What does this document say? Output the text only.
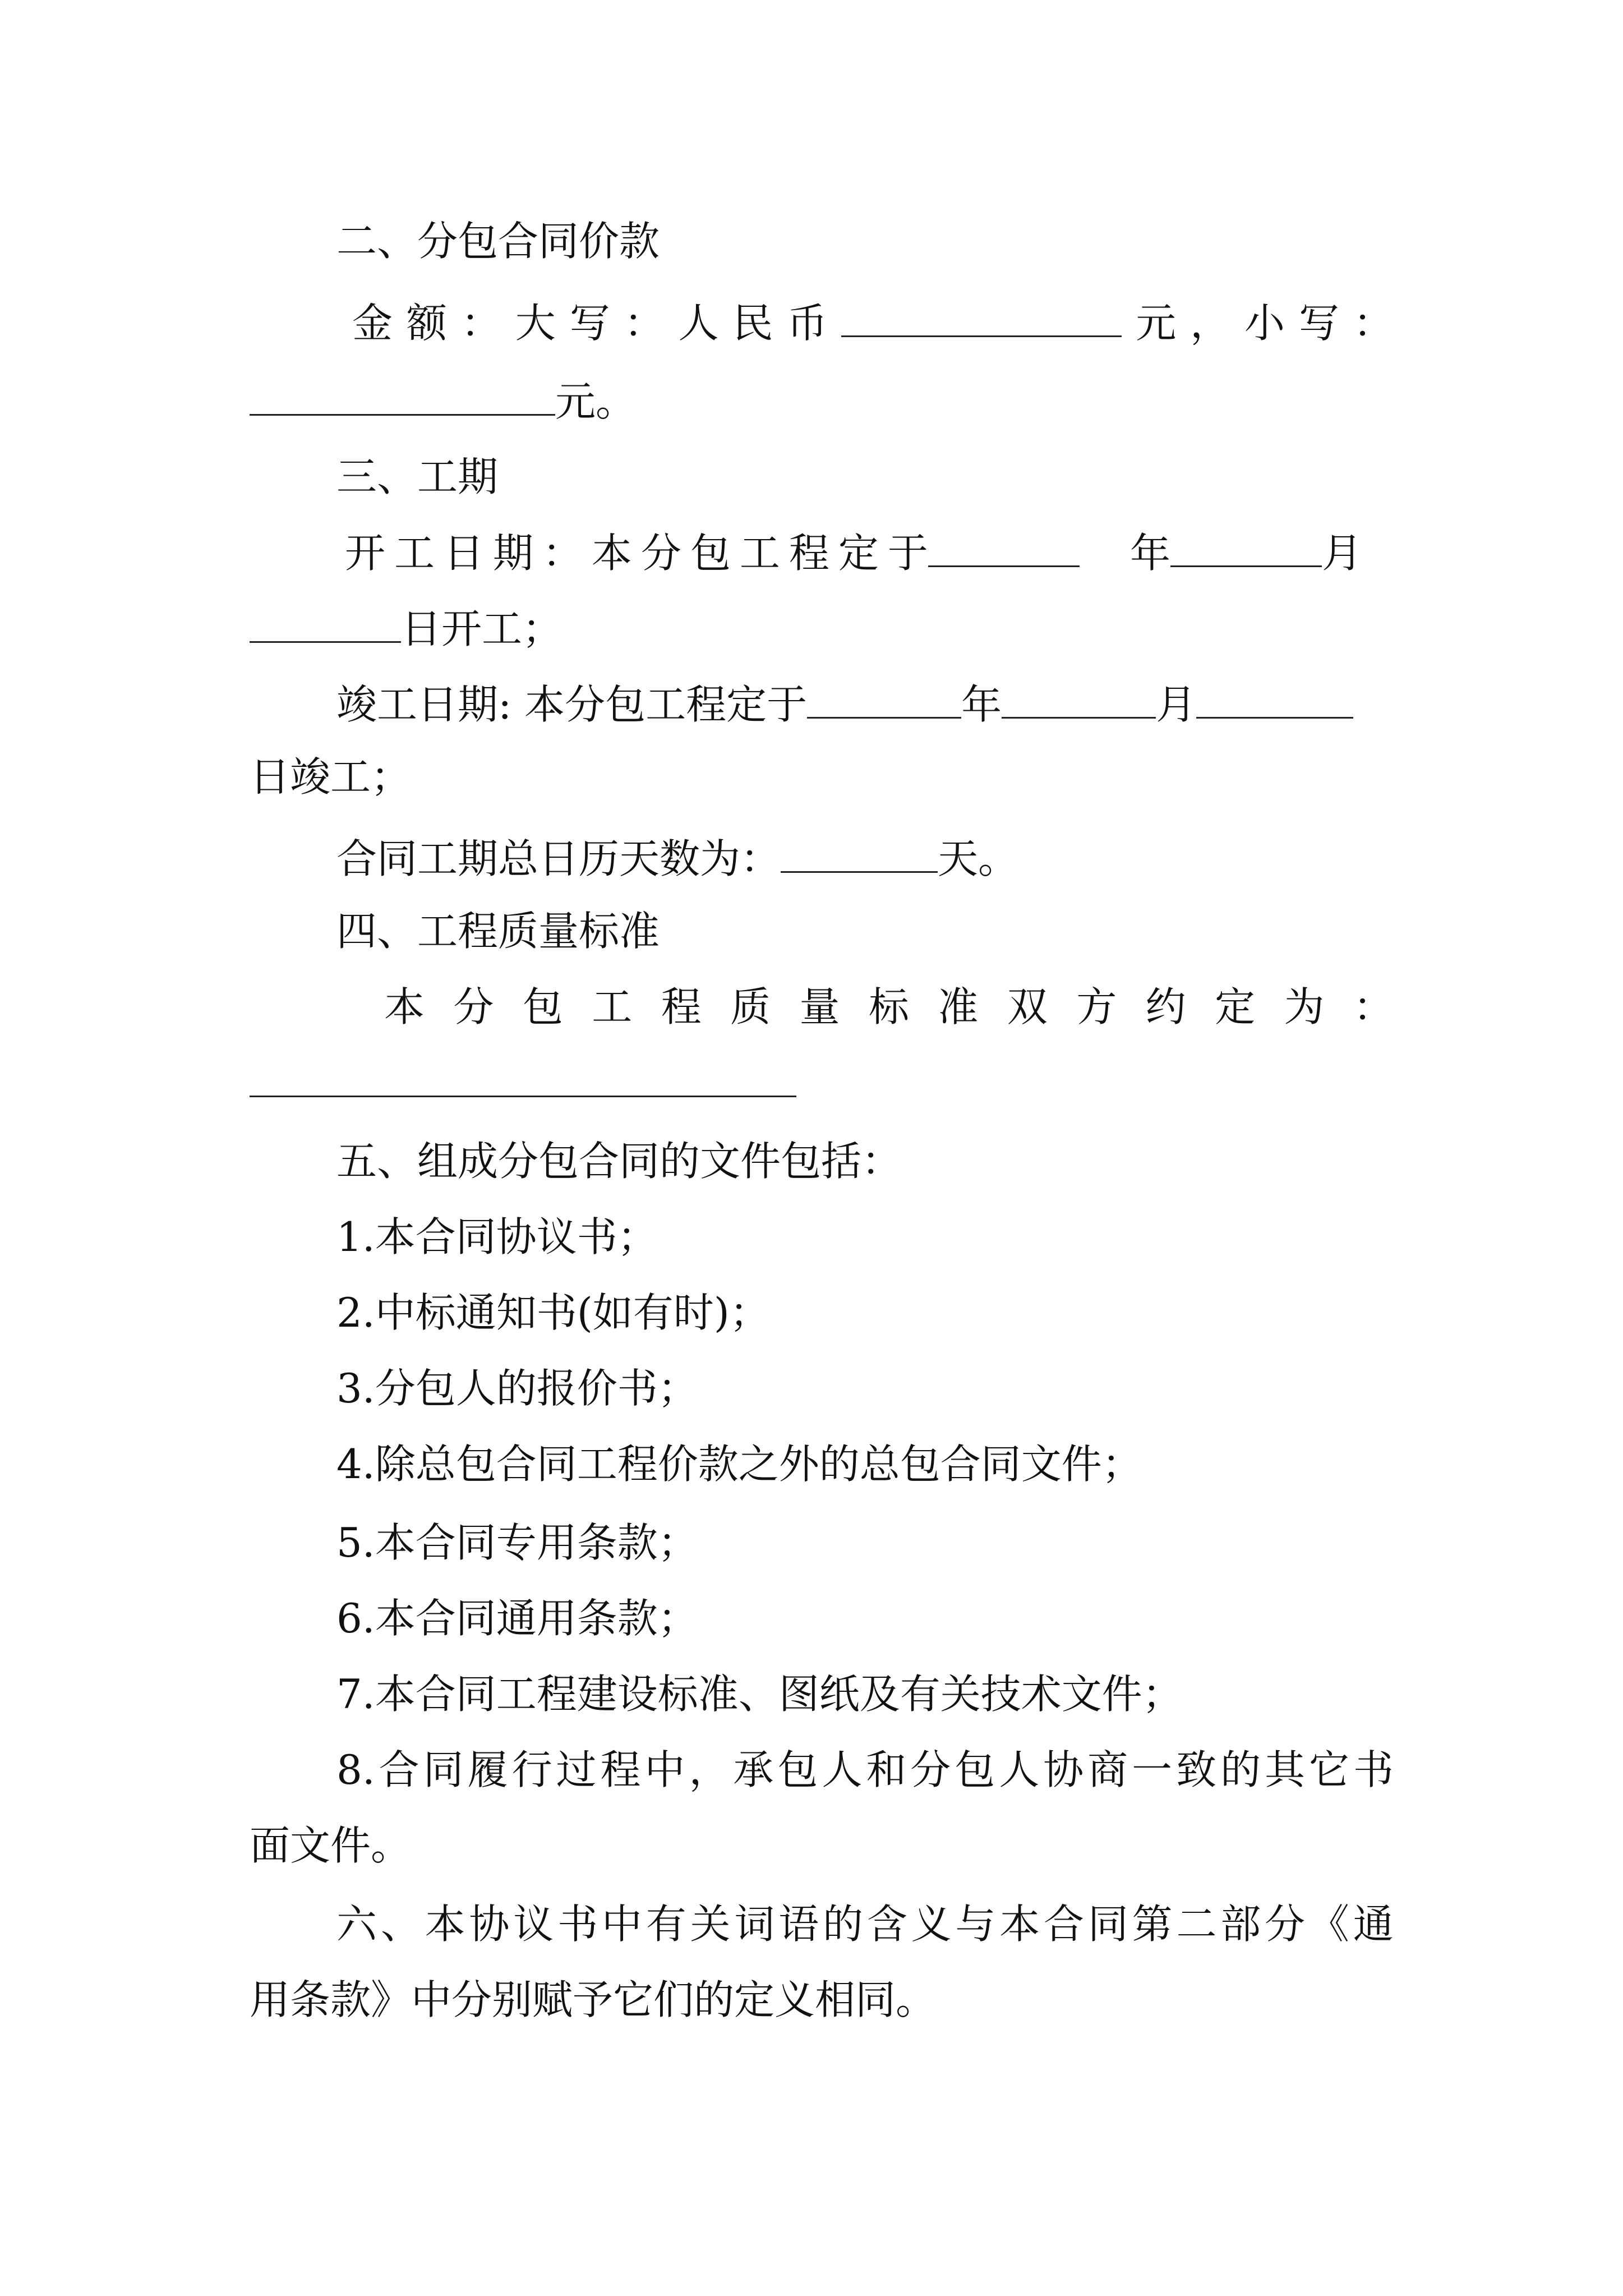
二、分包合同价款
金 额 ： 大 写 ： 人 民 币	元 ， 小 写 ：
元。
三、工期
开 工 日 期 ： 本 分 包 工 程 定 于	年	月
日开工；
竣工日期: 本分包工程定于	年	月
日竣工；
合同工期总日历天数为：	天。
四、工程质量标准
本 分 包 工 程 质 量 标 准 双 方 约 定 为 ：
五、组成分包合同的文件包括：
1.本合同协议书；
2.中标通知书(如有时)；
3.分包人的报价书；
4.除总包合同工程价款之外的总包合同文件；
5.本合同专用条款；
6.本合同通用条款；
7.本合同工程建设标准、图纸及有关技术文件；
8 . 合 同 履 行 过 程 中 ， 承 包 人 和 分 包 人 协 商 一 致 的 其 它 书
面文件。
六 、 本 协 议 书 中 有 关 词 语 的 含 义 与 本 合 同 第 二 部 分 《 通
用条款》中分别赋予它们的定义相同。
